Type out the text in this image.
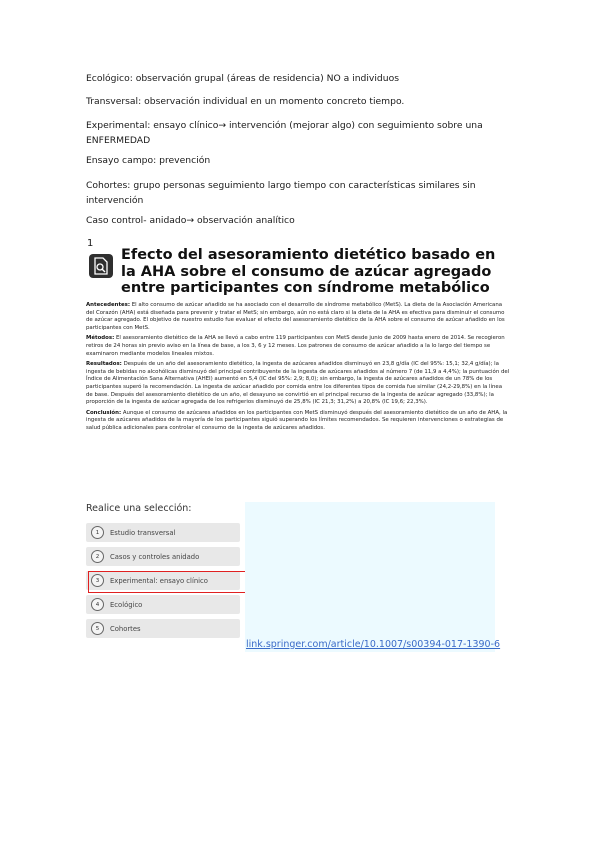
Ecológico: observación grupal (áreas de residencia) NO a individuos
Transversal: observación individual en un momento concreto tiempo.
Experimental: ensayo clínico→ intervención (mejorar algo) con seguimiento sobre una ENFERMEDAD
Ensayo campo: prevención
Cohortes: grupo personas seguimiento largo tiempo con características similares sin intervención
Caso control- anidado→ observación analítico
1
Efecto del asesoramiento dietético basado en la AHA sobre el consumo de azúcar agregado entre participantes con síndrome metabólico

Antecedentes: El alto consumo de azúcar añadido se ha asociado con el desarrollo de síndrome metabólico (MetS). La dieta de la Asociación Americana del Corazón (AHA) está diseñada para prevenir y tratar el MetS; sin embargo, aún no está claro si la dieta de la AHA es efectiva para disminuir el consumo de azúcar agregado. El objetivo de nuestro estudio fue evaluar el efecto del asesoramiento dietético de la AHA sobre el consumo de azúcar añadido en los participantes con MetS.

Métodos: El asesoramiento dietético de la AHA se llevó a cabo entre 119 participantes con MetS desde junio de 2009 hasta enero de 2014. Se recogieron retiros de 24 horas sin previo aviso en la línea de base, a los 3, 6 y 12 meses. Los patrones de consumo de azúcar añadido a la lo largo del tiempo se examinaron mediante modelos lineales mixtos.

Resultados: Después de un año del asesoramiento dietético, la ingesta de azúcares añadidos disminuyó en 23,8 g/día (IC del 95%: 15,1; 32,4 g/día); la ingesta de bebidas no alcohólicas disminuyó del principal contribuyente de la ingesta de azúcares añadidos al número 7 (de 11,9 a 4,4%); la puntuación del Índice de Alimentación Sana Alternativa (AHEI) aumentó en 5,4 (IC del 95%: 2,9; 8,0); sin embargo, la ingesta de azúcares añadidos de un 78% de los participantes superó la recomendación. La ingesta de azúcar añadido por comida entre los diferentes tipos de comida fue similar (24,2-29,8%) en la línea de base. Después del asesoramiento dietético de un año, el desayuno se convirtió en el principal recurso de la ingesta de azúcar agregado (33,8%); la proporción de la ingesta de azúcar agregada de los refrigerios disminuyó de 25,8% (IC 21,3; 31,2%) a 20,8% (IC 19,6; 22,3%).

Conclusión: Aunque el consumo de azúcares añadidos en los participantes con MetS disminuyó después del asesoramiento dietético de un año de AHA, la ingesta de azúcares añadidos de la mayoría de los participantes siguió superando los límites recomendados. Se requieren intervenciones o estrategias de salud pública adicionales para controlar el consumo de la ingesta de azúcares añadidos.

Realice una selección:
1	Estudio transversal
2	Casos y controles anidado
3	Experimental: ensayo clínico
4	Ecológico
5	Cohortes
link.springer.com/article/10.1007/s00394-017-1390-6
